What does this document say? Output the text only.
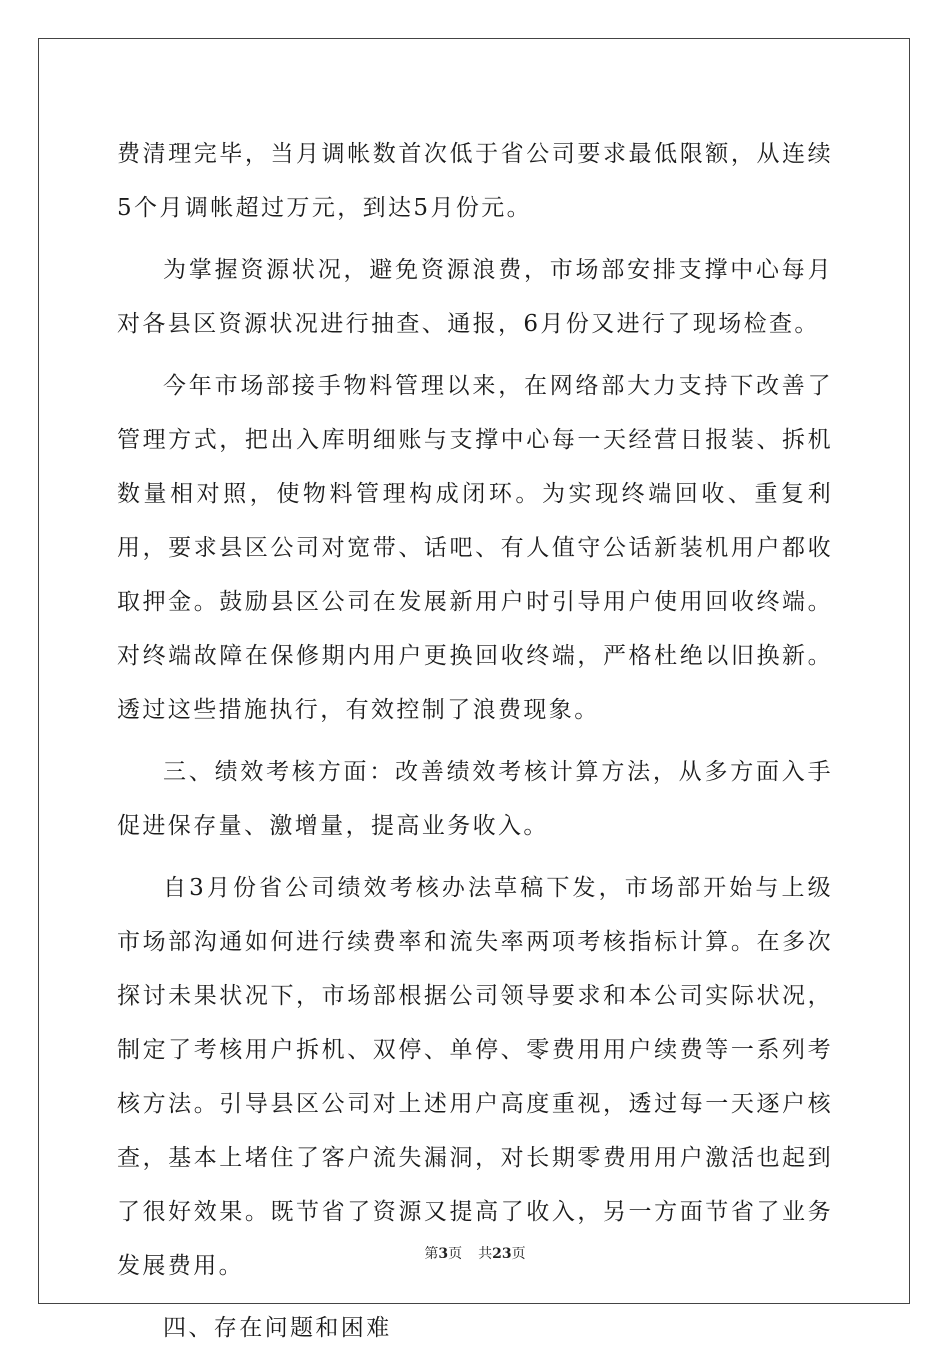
费清理完毕，当月调帐数首次低于省公司要求最低限额，从连续5个月调帐超过万元，到达5月份元。

为掌握资源状况，避免资源浪费，市场部安排支撑中心每月对各县区资源状况进行抽查、通报，6月份又进行了现场检查。

今年市场部接手物料管理以来，在网络部大力支持下改善了管理方式，把出入库明细账与支撑中心每一天经营日报装、拆机数量相对照，使物料管理构成闭环。为实现终端回收、重复利用，要求县区公司对宽带、话吧、有人值守公话新装机用户都收取押金。鼓励县区公司在发展新用户时引导用户使用回收终端。对终端故障在保修期内用户更换回收终端，严格杜绝以旧换新。透过这些措施执行，有效控制了浪费现象。

三、绩效考核方面：改善绩效考核计算方法，从多方面入手促进保存量、激增量，提高业务收入。

自3月份省公司绩效考核办法草稿下发，市场部开始与上级市场部沟通如何进行续费率和流失率两项考核指标计算。在多次探讨未果状况下，市场部根据公司领导要求和本公司实际状况，制定了考核用户拆机、双停、单停、零费用用户续费等一系列考核方法。引导县区公司对上述用户高度重视，透过每一天逐户核查，基本上堵住了客户流失漏洞，对长期零费用用户激活也起到了很好效果。既节省了资源又提高了收入，另一方面节省了业务发展费用。

四、存在问题和困难

第3页 共23页
